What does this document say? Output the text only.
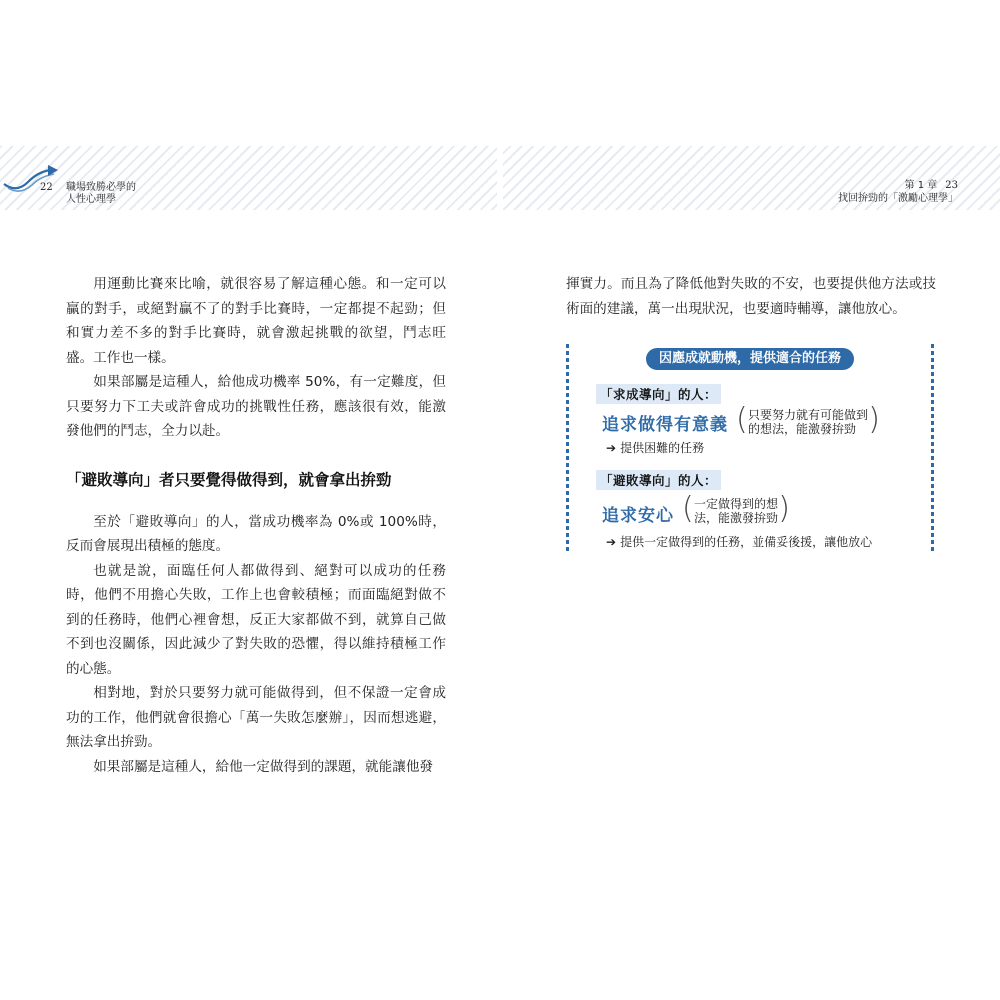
22 職場致勝必學的
人性心理學
第 1 章 23
找回拚勁的「激勵心理學」

用運動比賽來比喻，就很容易了解這種心態。和一定可以贏的對手，或絕對贏不了的對手比賽時，一定都提不起勁；但和實力差不多的對手比賽時，就會激起挑戰的欲望，鬥志旺盛。工作也一樣。

如果部屬是這種人，給他成功機率 50%，有一定難度，但只要努力下工夫或許會成功的挑戰性任務，應該很有效，能激發他們的鬥志，全力以赴。

「避敗導向」者只要覺得做得到，就會拿出拚勁

至於「避敗導向」的人，當成功機率為 0%或 100%時，反而會展現出積極的態度。

也就是說，面臨任何人都做得到、絕對可以成功的任務時，他們不用擔心失敗，工作上也會較積極；而面臨絕對做不到的任務時，他們心裡會想，反正大家都做不到，就算自己做不到也沒關係，因此減少了對失敗的恐懼，得以維持積極工作的心態。

相對地，對於只要努力就可能做得到，但不保證一定會成功的工作，他們就會很擔心「萬一失敗怎麼辦」，因而想逃避，無法拿出拚勁。

如果部屬是這種人，給他一定做得到的課題，就能讓他發

揮實力。而且為了降低他對失敗的不安，也要提供他方法或技術面的建議，萬一出現狀況，也要適時輔導，讓他放心。

因應成就動機，提供適合的任務
「求成導向」的人：
追求做得有意義 ( 只要努力就有可能做到
的想法，能激發拚勁 )
➔ 提供困難的任務
「避敗導向」的人：
追求安心 ( 一定做得到的想
法，能激發拚勁 )
➔ 提供一定做得到的任務，並備妥後援，讓他放心
